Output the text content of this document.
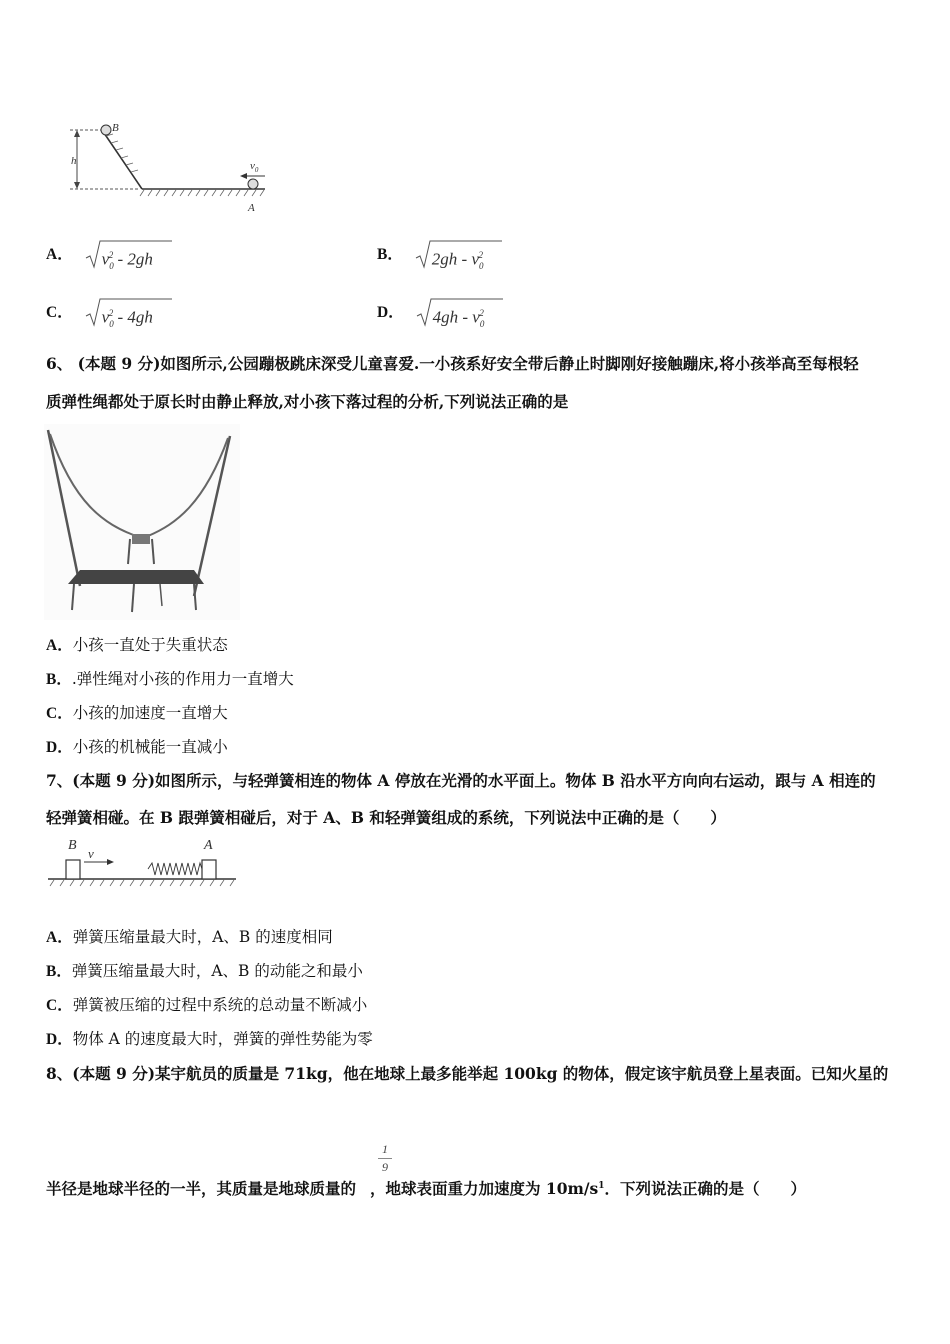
B
h	$v_0$
A
A． $v_0^2 - 2gh$	B． $2gh - v_0^2$
C． $v_0^2 - 4gh$	D． $4gh - v_0^2$
6、 (本题 9 分)如图所示,公园蹦极跳床深受儿童喜爱.一小孩系好安全带后静止时脚刚好接触蹦床,将小孩举高至每根轻
质弹性绳都处于原长时由静止释放,对小孩下落过程的分析,下列说法正确的是
A．小孩一直处于失重状态
B．.弹性绳对小孩的作用力一直增大
C．小孩的加速度一直增大
D．小孩的机械能一直减小
7、(本题 9 分)如图所示，与轻弹簧相连的物体 A 停放在光滑的水平面上。物体 B 沿水平方向向右运动，跟与 A 相连的
轻弹簧相碰。在 B 跟弹簧相碰后，对于 A、B 和轻弹簧组成的系统，下列说法中正确的是（　　）
B
v
A
A．弹簧压缩量最大时，A、B 的速度相同
B．弹簧压缩量最大时，A、B 的动能之和最小
C．弹簧被压缩的过程中系统的总动量不断减小
D．物体 A 的速度最大时，弹簧的弹性势能为零
8、(本题 9 分)某宇航员的质量是 71kg，他在地球上最多能举起 100kg 的物体，假定该宇航员登上星表面。已知火星的
1
9
半径是地球半径的一半，其质量是地球质量的 ，地球表面重力加速度为 $10m/s^1$．下列说法正确的是（　　）
